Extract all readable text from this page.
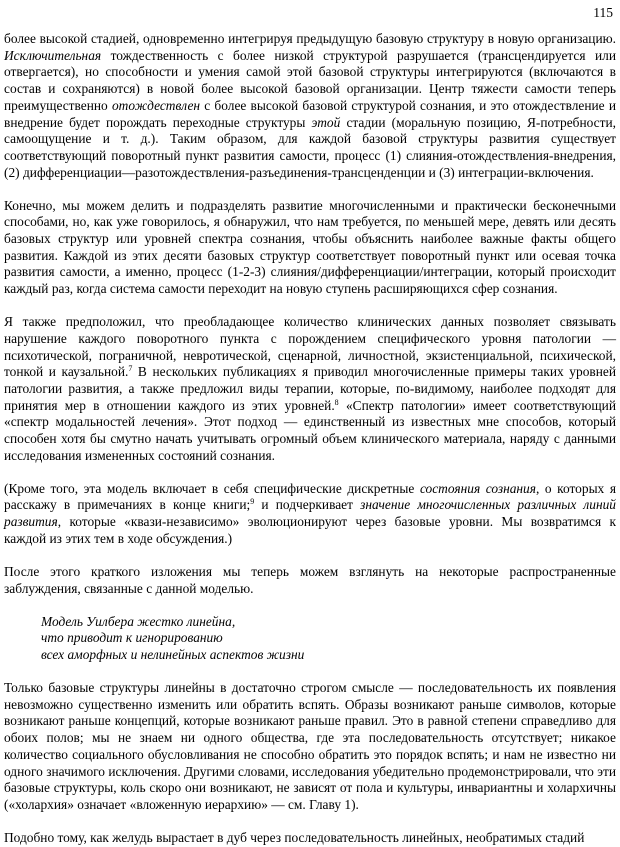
115

более высокой стадией, одновременно интегрируя предыдущую базовую структуру в новую организацию. Исключительная тождественность с более низкой структурой разрушается (трансцендируется или отвергается), но способности и умения самой этой базовой структуры интегрируются (включаются в состав и сохраняются) в новой более высокой базовой организации. Центр тяжести самости теперь преимущественно отождествлен с более высокой базовой структурой сознания, и это отождествление и внедрение будет порождать переходные структуры этой стадии (моральную позицию, Я-потребности, самоощущение и т. д.). Таким образом, для каждой базовой структуры развития существует соответствующий поворотный пункт развития самости, процесс (1) слияния-отождествления-внедрения, (2) дифференциации—разотождествления-разъединения-трансценденции и (3) интеграции-включения.

Конечно, мы можем делить и подразделять развитие многочисленными и практически бесконечными способами, но, как уже говорилось, я обнаружил, что нам требуется, по меньшей мере, девять или десять базовых структур или уровней спектра сознания, чтобы объяснить наиболее важные факты общего развития. Каждой из этих десяти базовых структур соответствует поворотный пункт или осевая точка развития самости, а именно, процесс (1-2-3) слияния/дифференциации/интеграции, который происходит каждый раз, когда система самости переходит на новую ступень расширяющихся сфер сознания.

Я также предположил, что преобладающее количество клинических данных позволяет связывать нарушение каждого поворотного пункта с порождением специфического уровня патологии — психотической, пограничной, невротической, сценарной, личностной, экзистенциальной, психической, тонкой и каузальной.$^7$ В нескольких публикациях я приводил многочисленные примеры таких уровней патологии развития, а также предложил виды терапии, которые, по-видимому, наиболее подходят для принятия мер в отношении каждого из этих уровней.$^8$ «Спектр патологии» имеет соответствующий «спектр модальностей лечения». Этот подход — единственный из известных мне способов, который способен хотя бы смутно начать учитывать огромный объем клинического материала, наряду с данными исследования измененных состояний сознания.

(Кроме того, эта модель включает в себя специфические дискретные состояния сознания, о которых я расскажу в примечаниях в конце книги;$^9$ и подчеркивает значение многочисленных различных линий развития, которые «квази-независимо» эволюционируют через базовые уровни. Мы возвратимся к каждой из этих тем в ходе обсуждения.)

После этого краткого изложения мы теперь можем взглянуть на некоторые распространенные заблуждения, связанные с данной моделью.

Модель Уилбера жестко линейна,
что приводит к игнорированию
всех аморфных и нелинейных аспектов жизни

Только базовые структуры линейны в достаточно строгом смысле — последовательность их появления невозможно существенно изменить или обратить вспять. Образы возникают раньше символов, которые возникают раньше концепций, которые возникают раньше правил. Это в равной степени справедливо для обоих полов; мы не знаем ни одного общества, где эта последовательность отсутствует; никакое количество социального обусловливания не способно обратить это порядок вспять; и нам не известно ни одного значимого исключения. Другими словами, исследования убедительно продемонстрировали, что эти базовые структуры, коль скоро они возникают, не зависят от пола и культуры, инвариантны и холархичны («холархия» означает «вложенную иерархию» — см. Главу 1).

Подобно тому, как желудь вырастает в дуб через последовательность линейных, необратимых стадий
